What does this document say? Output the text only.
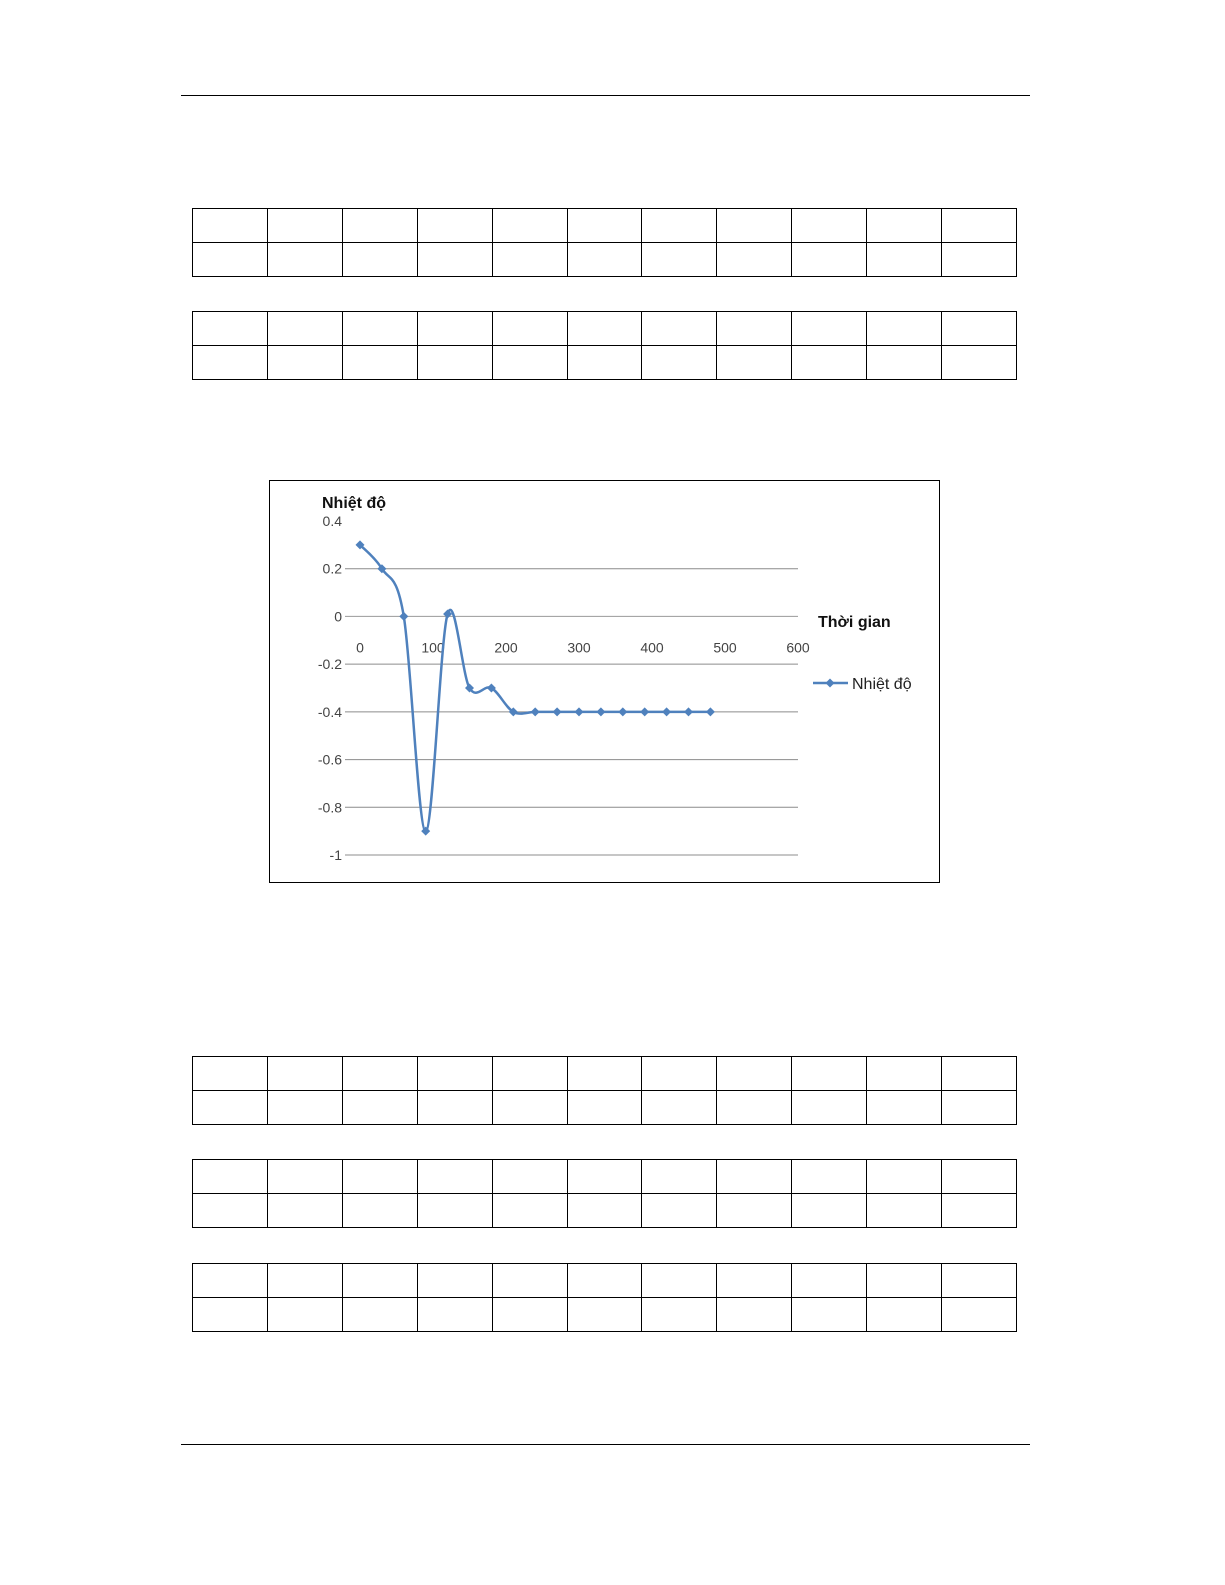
0.4
0.2
0
-0.2
-0.4
-0.6
-0.8
-1
0	100	200	300	400	500	600
Nhiệt độ
Thời gian
Nhiệt độ
